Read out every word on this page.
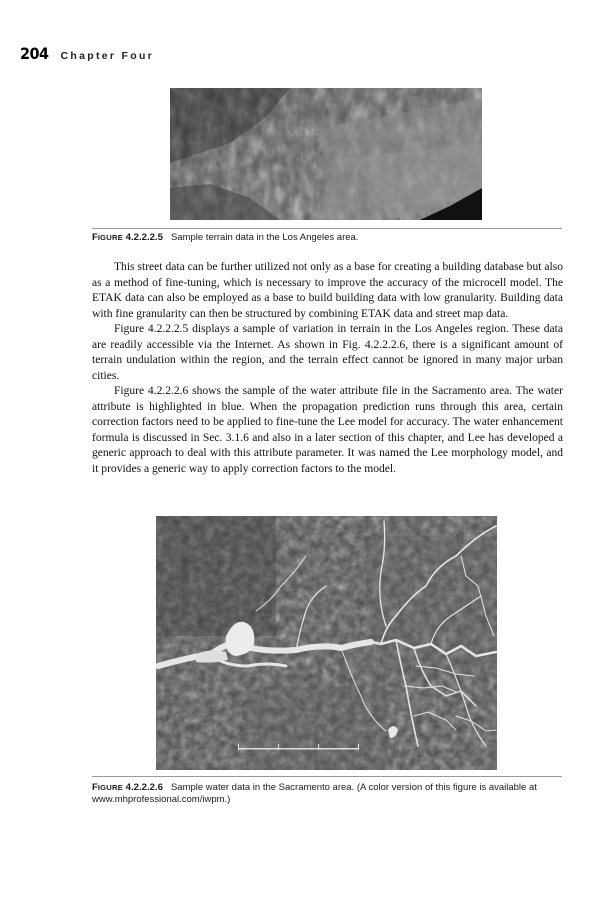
204 Chapter Four
FIGURE 4.2.2.2.5 Sample terrain data in the Los Angeles area.

This street data can be further utilized not only as a base for creating a building database but also as a method of fine-tuning, which is necessary to improve the accuracy of the microcell model. The ETAK data can also be employed as a base to build building data with low granularity. Building data with fine granularity can then be structured by combining ETAK data and street map data.

Figure 4.2.2.2.5 displays a sample of variation in terrain in the Los Angeles region. These data are readily accessible via the Internet. As shown in Fig. 4.2.2.2.6, there is a significant amount of terrain undulation within the region, and the terrain effect cannot be ignored in many major urban cities.

Figure 4.2.2.2.6 shows the sample of the water attribute file in the Sacramento area. The water attribute is highlighted in blue. When the propagation prediction runs through this area, certain correction factors need to be applied to fine-tune the Lee model for accuracy. The water enhancement formula is discussed in Sec. 3.1.6 and also in a later section of this chapter, and Lee has developed a generic approach to deal with this attribute parameter. It was named the Lee morphology model, and it provides a generic way to apply correction factors to the model.

FIGURE 4.2.2.2.6 Sample water data in the Sacramento area. (A color version of this figure is available at www.mhprofessional.com/iwpm.)
